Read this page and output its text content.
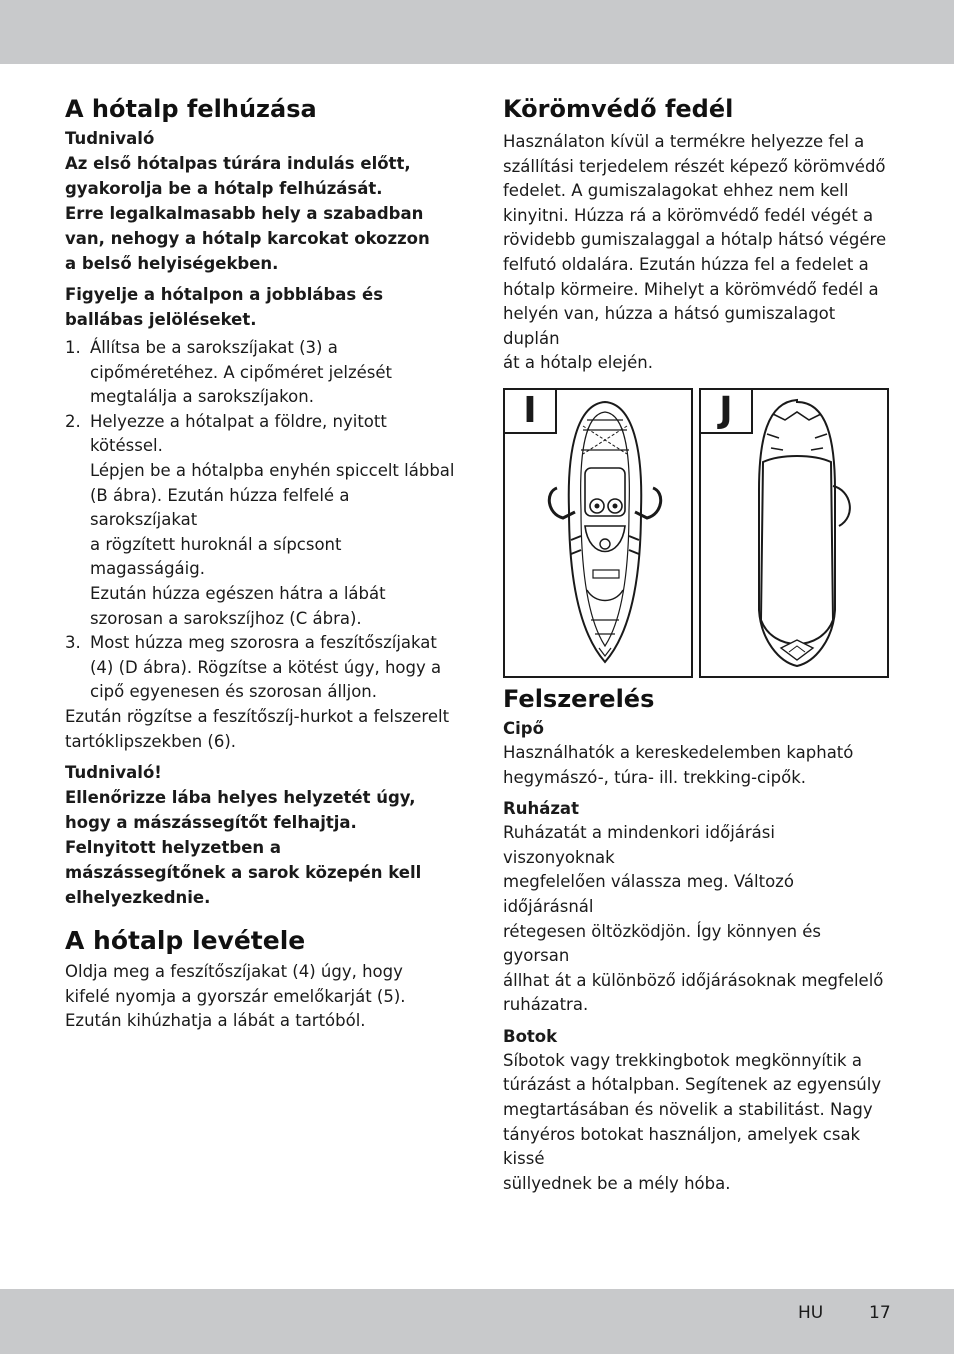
A hótalp felhúzása
Tudnivaló
Az első hótalpas túrára indulás előtt,
gyakorolja be a hótalp felhúzását.
Erre legalkalmasabb hely a szabadban
van, nehogy a hótalp karcokat okozzon
a belső helyiségekben.
Figyelje a hótalpon a jobblábas és
ballábas jelöléseket.
1. Állítsa be a sarokszíjakat (3) a
cipőméretéhez. A cipőméret jelzését
megtalálja a sarokszíjakon.
2. Helyezze a hótalpat a földre, nyitott kötéssel.
Lépjen be a hótalpba enyhén spiccelt lábbal
(B ábra). Ezután húzza felfelé a sarokszíjakat
a rögzített huroknál a sípcsont magasságáig.
Ezután húzza egészen hátra a lábát
szorosan a sarokszíjhoz (C ábra).
3. Most húzza meg szorosra a feszítőszíjakat
(4) (D ábra). Rögzítse a kötést úgy, hogy a
cipő egyenesen és szorosan álljon.
Ezután rögzítse a feszítőszíj-hurkot a felszerelt
tartóklipszekben (6).
Tudnivaló!
Ellenőrizze lába helyes helyzetét úgy,
hogy a mászássegítőt felhajtja.
Felnyitott helyzetben a
mászássegítőnek a sarok közepén kell
elhelyezkednie.
A hótalp levétele
Oldja meg a feszítőszíjakat (4) úgy, hogy
kifelé nyomja a gyorszár emelőkarját (5).
Ezután kihúzhatja a lábát a tartóból.
Körömvédő fedél
Használaton kívül a termékre helyezze fel a
szállítási terjedelem részét képező körömvédő
fedelet. A gumiszalagokat ehhez nem kell
kinyitni. Húzza rá a körömvédő fedél végét a
rövidebb gumiszalaggal a hótalp hátsó végére
felfutó oldalára. Ezután húzza fel a fedelet a
hótalp körmeire. Mihelyt a körömvédő fedél a
helyén van, húzza a hátsó gumiszalagot duplán
át a hótalp elején.
I	J
Felszerelés
Cipő
Használhatók a kereskedelemben kapható
hegymászó-, túra- ill. trekking-cipők.
Ruházat
Ruházatát a mindenkori időjárási viszonyoknak
megfelelően válassza meg. Változó időjárásnál
rétegesen öltözködjön. Így könnyen és gyorsan
állhat át a különböző időjárásoknak megfelelő
ruházatra.
Botok
Síbotok vagy trekkingbotok megkönnyítik a
túrázást a hótalpban. Segítenek az egyensúly
megtartásában és növelik a stabilitást. Nagy
tányéros botokat használjon, amelyek csak kissé
süllyednek be a mély hóba.
HU	17
